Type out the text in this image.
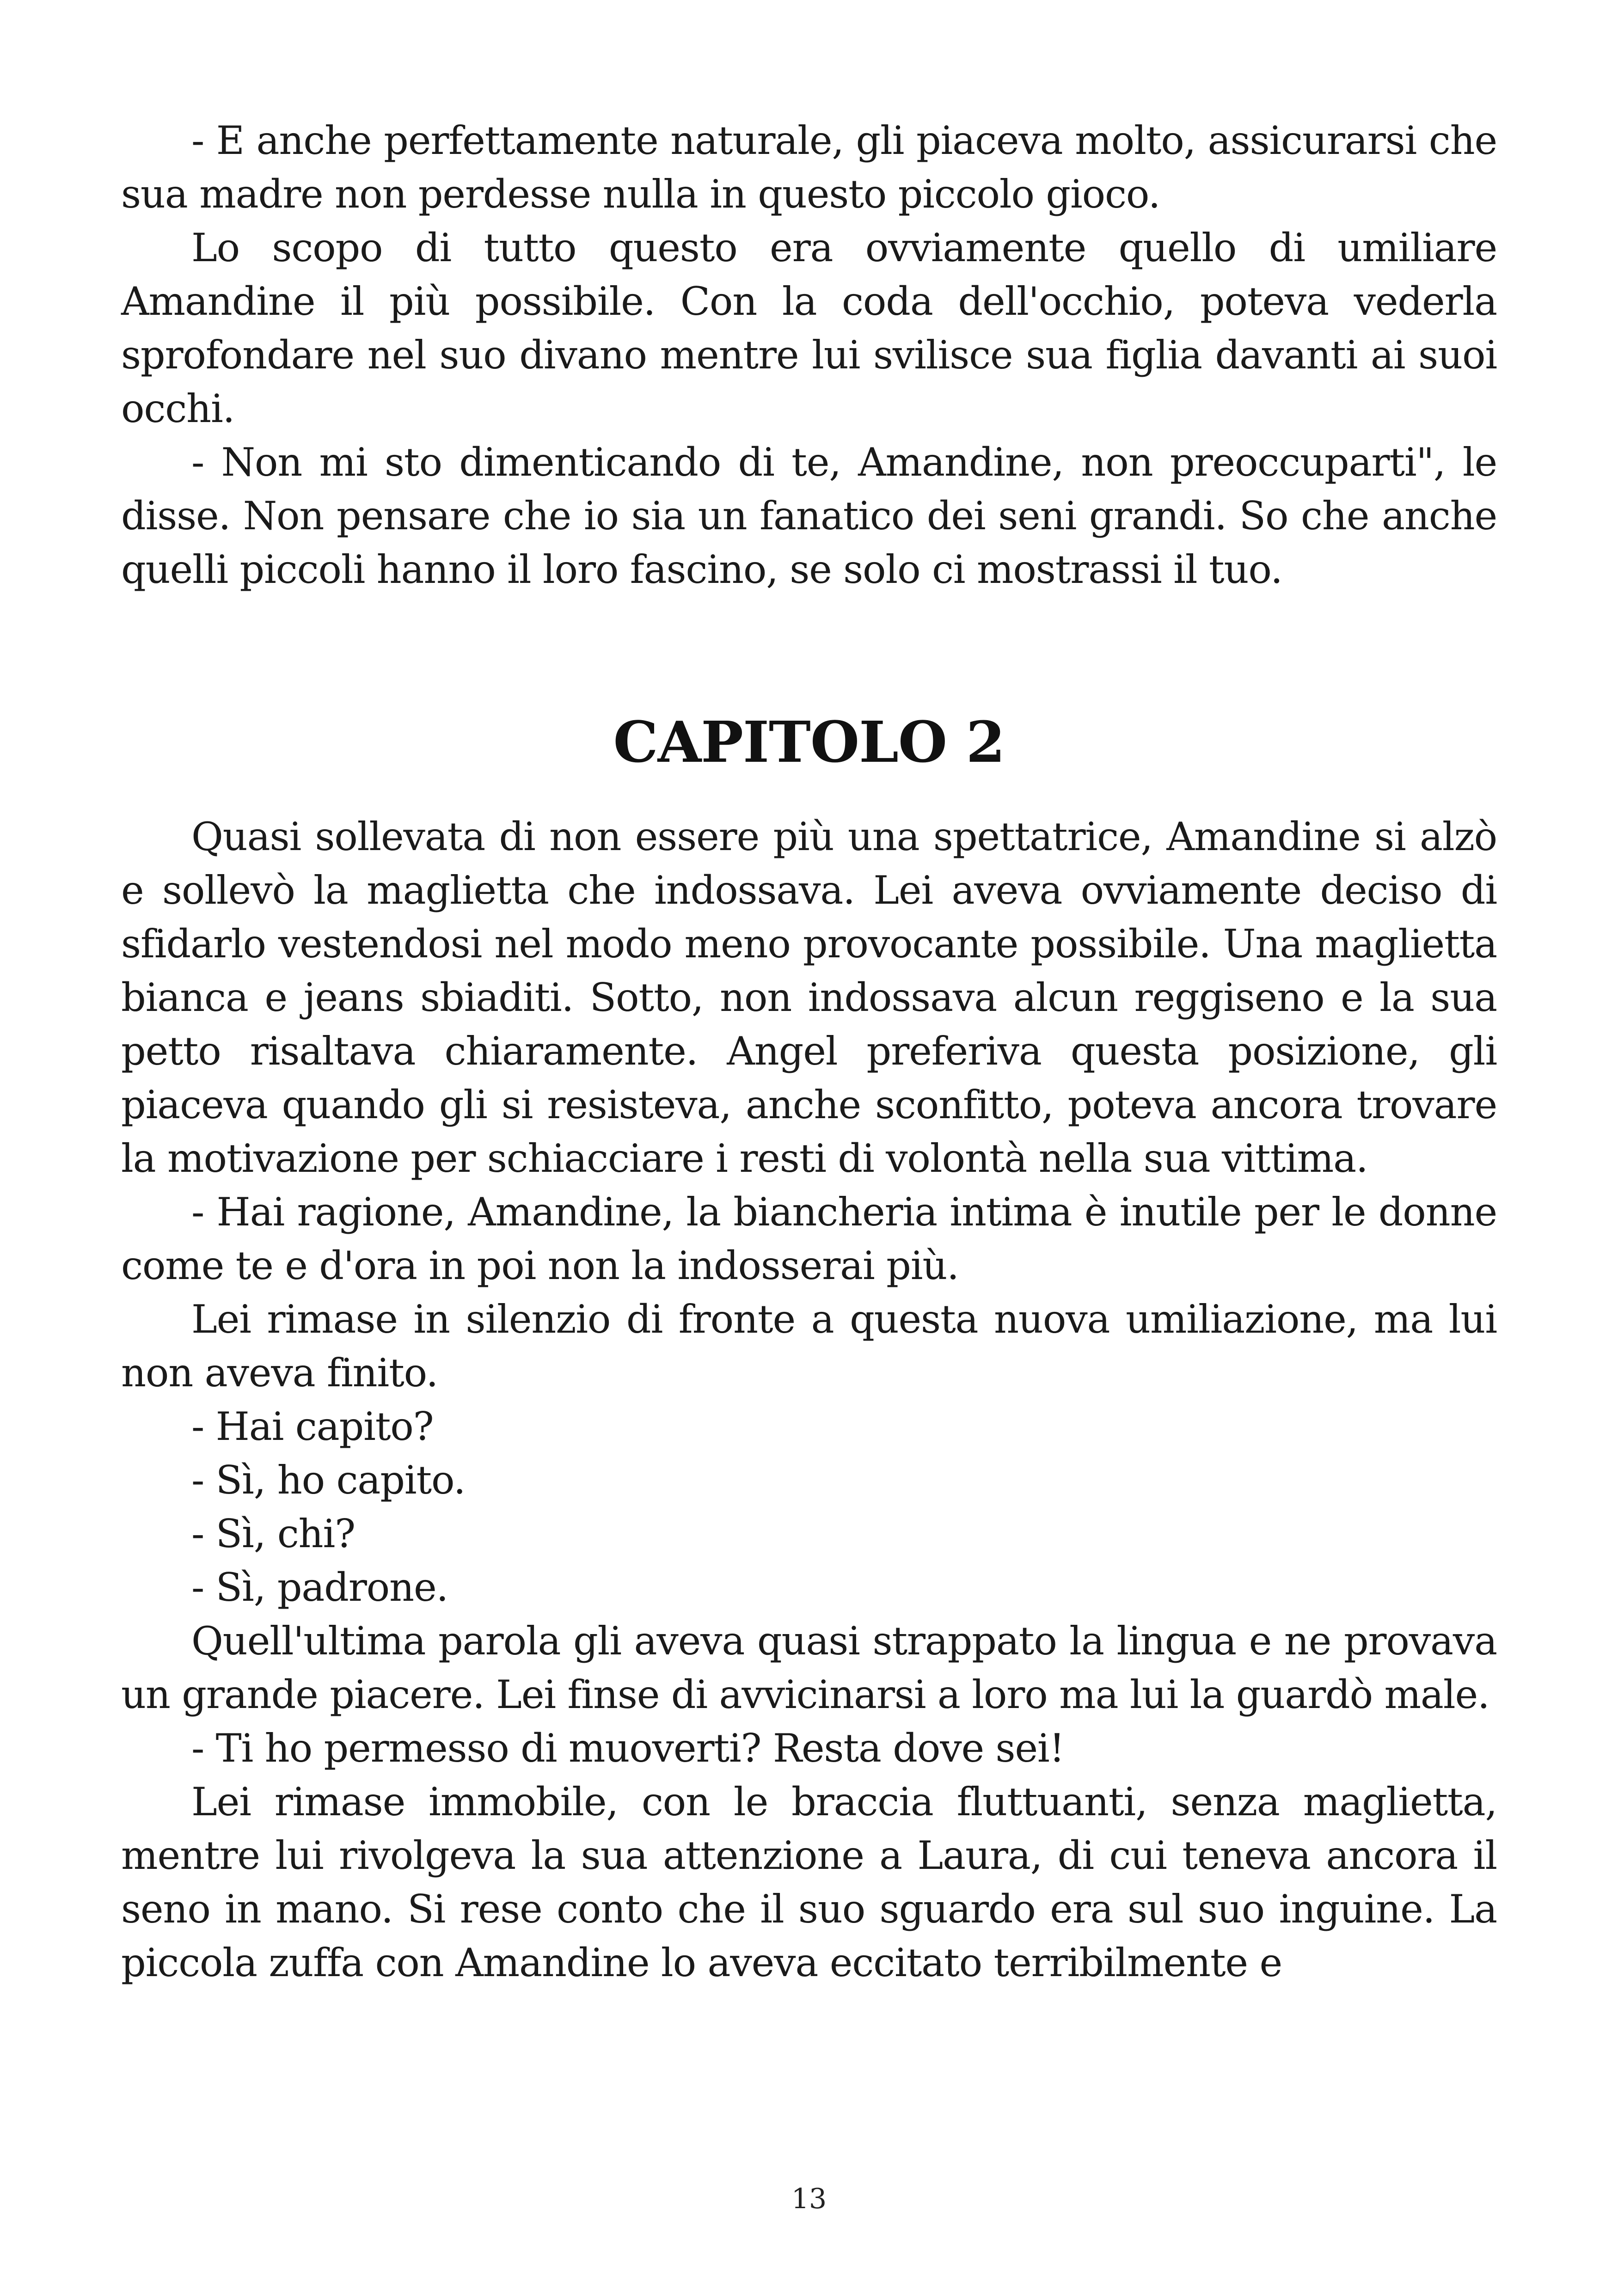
- E anche perfettamente naturale, gli piaceva molto, assicurarsi che sua madre non perdesse nulla in questo piccolo gioco.

Lo scopo di tutto questo era ovviamente quello di umiliare Amandine il più possibile. Con la coda dell'occhio, poteva vederla sprofondare nel suo divano mentre lui svilisce sua figlia davanti ai suoi occhi.

- Non mi sto dimenticando di te, Amandine, non preoccuparti", le disse. Non pensare che io sia un fanatico dei seni grandi. So che anche quelli piccoli hanno il loro fascino, se solo ci mostrassi il tuo.

CAPITOLO 2

Quasi sollevata di non essere più una spettatrice, Amandine si alzò e sollevò la maglietta che indossava. Lei aveva ovviamente deciso di sfidarlo vestendosi nel modo meno provocante possibile. Una maglietta bianca e jeans sbiaditi. Sotto, non indossava alcun reggiseno e la sua petto risaltava chiaramente. Angel preferiva questa posizione, gli piaceva quando gli si resisteva, anche sconfitto, poteva ancora trovare la motivazione per schiacciare i resti di volontà nella sua vittima.

- Hai ragione, Amandine, la biancheria intima è inutile per le donne come te e d'ora in poi non la indosserai più.

Lei rimase in silenzio di fronte a questa nuova umiliazione, ma lui non aveva finito.

- Hai capito?

- Sì, ho capito.

- Sì, chi?

- Sì, padrone.

Quell'ultima parola gli aveva quasi strappato la lingua e ne provava un grande piacere. Lei finse di avvicinarsi a loro ma lui la guardò male.

- Ti ho permesso di muoverti? Resta dove sei!

Lei rimase immobile, con le braccia fluttuanti, senza maglietta, mentre lui rivolgeva la sua attenzione a Laura, di cui teneva ancora il seno in mano. Si rese conto che il suo sguardo era sul suo inguine. La piccola zuffa con Amandine lo aveva eccitato terribilmente e

13
